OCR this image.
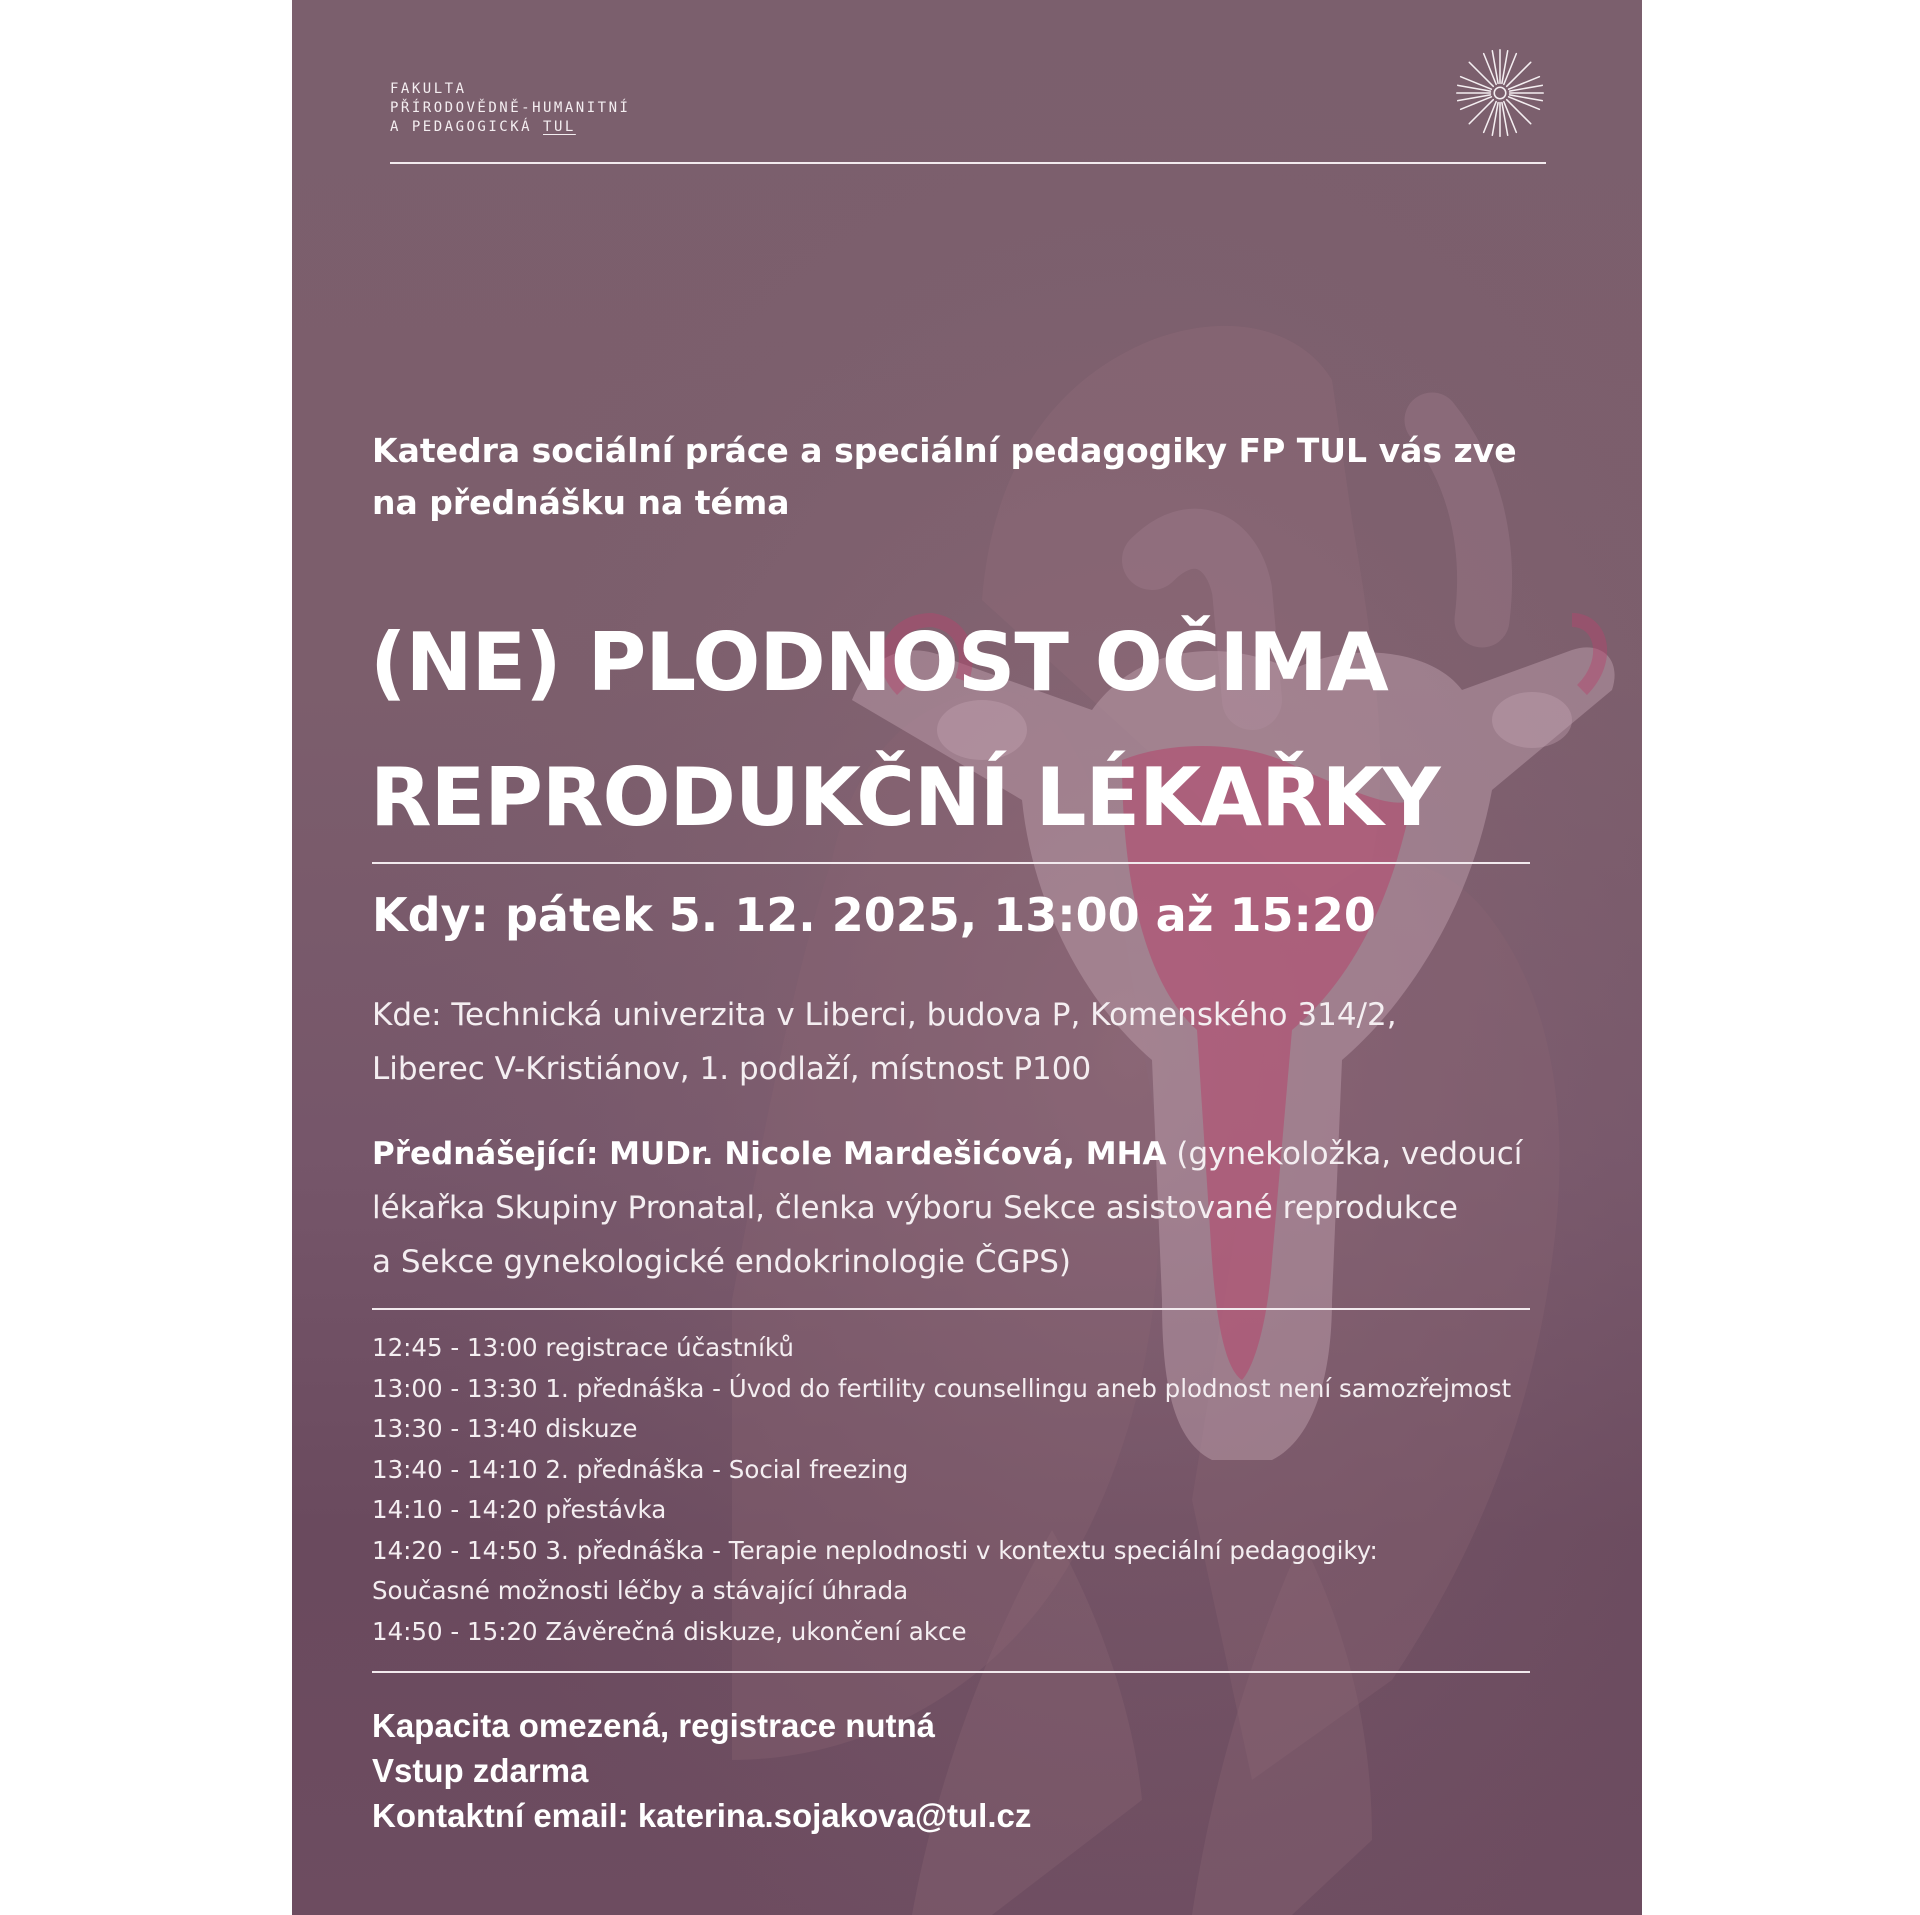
FAKULTA
PŘÍRODOVĚDNĚ-HUMANITNÍ
A PEDAGOGICKÁ TUL
Katedra sociální práce a speciální pedagogiky FP TUL vás zve
na přednášku na téma
(NE) PLODNOST OČIMA
REPRODUKČNÍ LÉKAŘKY
Kdy: pátek 5. 12. 2025, 13:00 až 15:20
Kde: Technická univerzita v Liberci, budova P, Komenského 314/2,
Liberec V-Kristiánov, 1. podlaží, místnost P100
Přednášející: MUDr. Nicole Mardešićová, MHA (gynekoložka, vedoucí
lékařka Skupiny Pronatal, členka výboru Sekce asistované reprodukce
a Sekce gynekologické endokrinologie ČGPS)
12:45 - 13:00 registrace účastníků
13:00 - 13:30 1. přednáška - Úvod do fertility counsellingu aneb plodnost není samozřejmost
13:30 - 13:40 diskuze
13:40 - 14:10 2. přednáška - Social freezing
14:10 - 14:20 přestávka
14:20 - 14:50 3. přednáška - Terapie neplodnosti v kontextu speciální pedagogiky:
Současné možnosti léčby a stávající úhrada
14:50 - 15:20 Závěrečná diskuze, ukončení akce
Kapacita omezená, registrace nutná
Vstup zdarma
Kontaktní email: katerina.sojakova@tul.cz
